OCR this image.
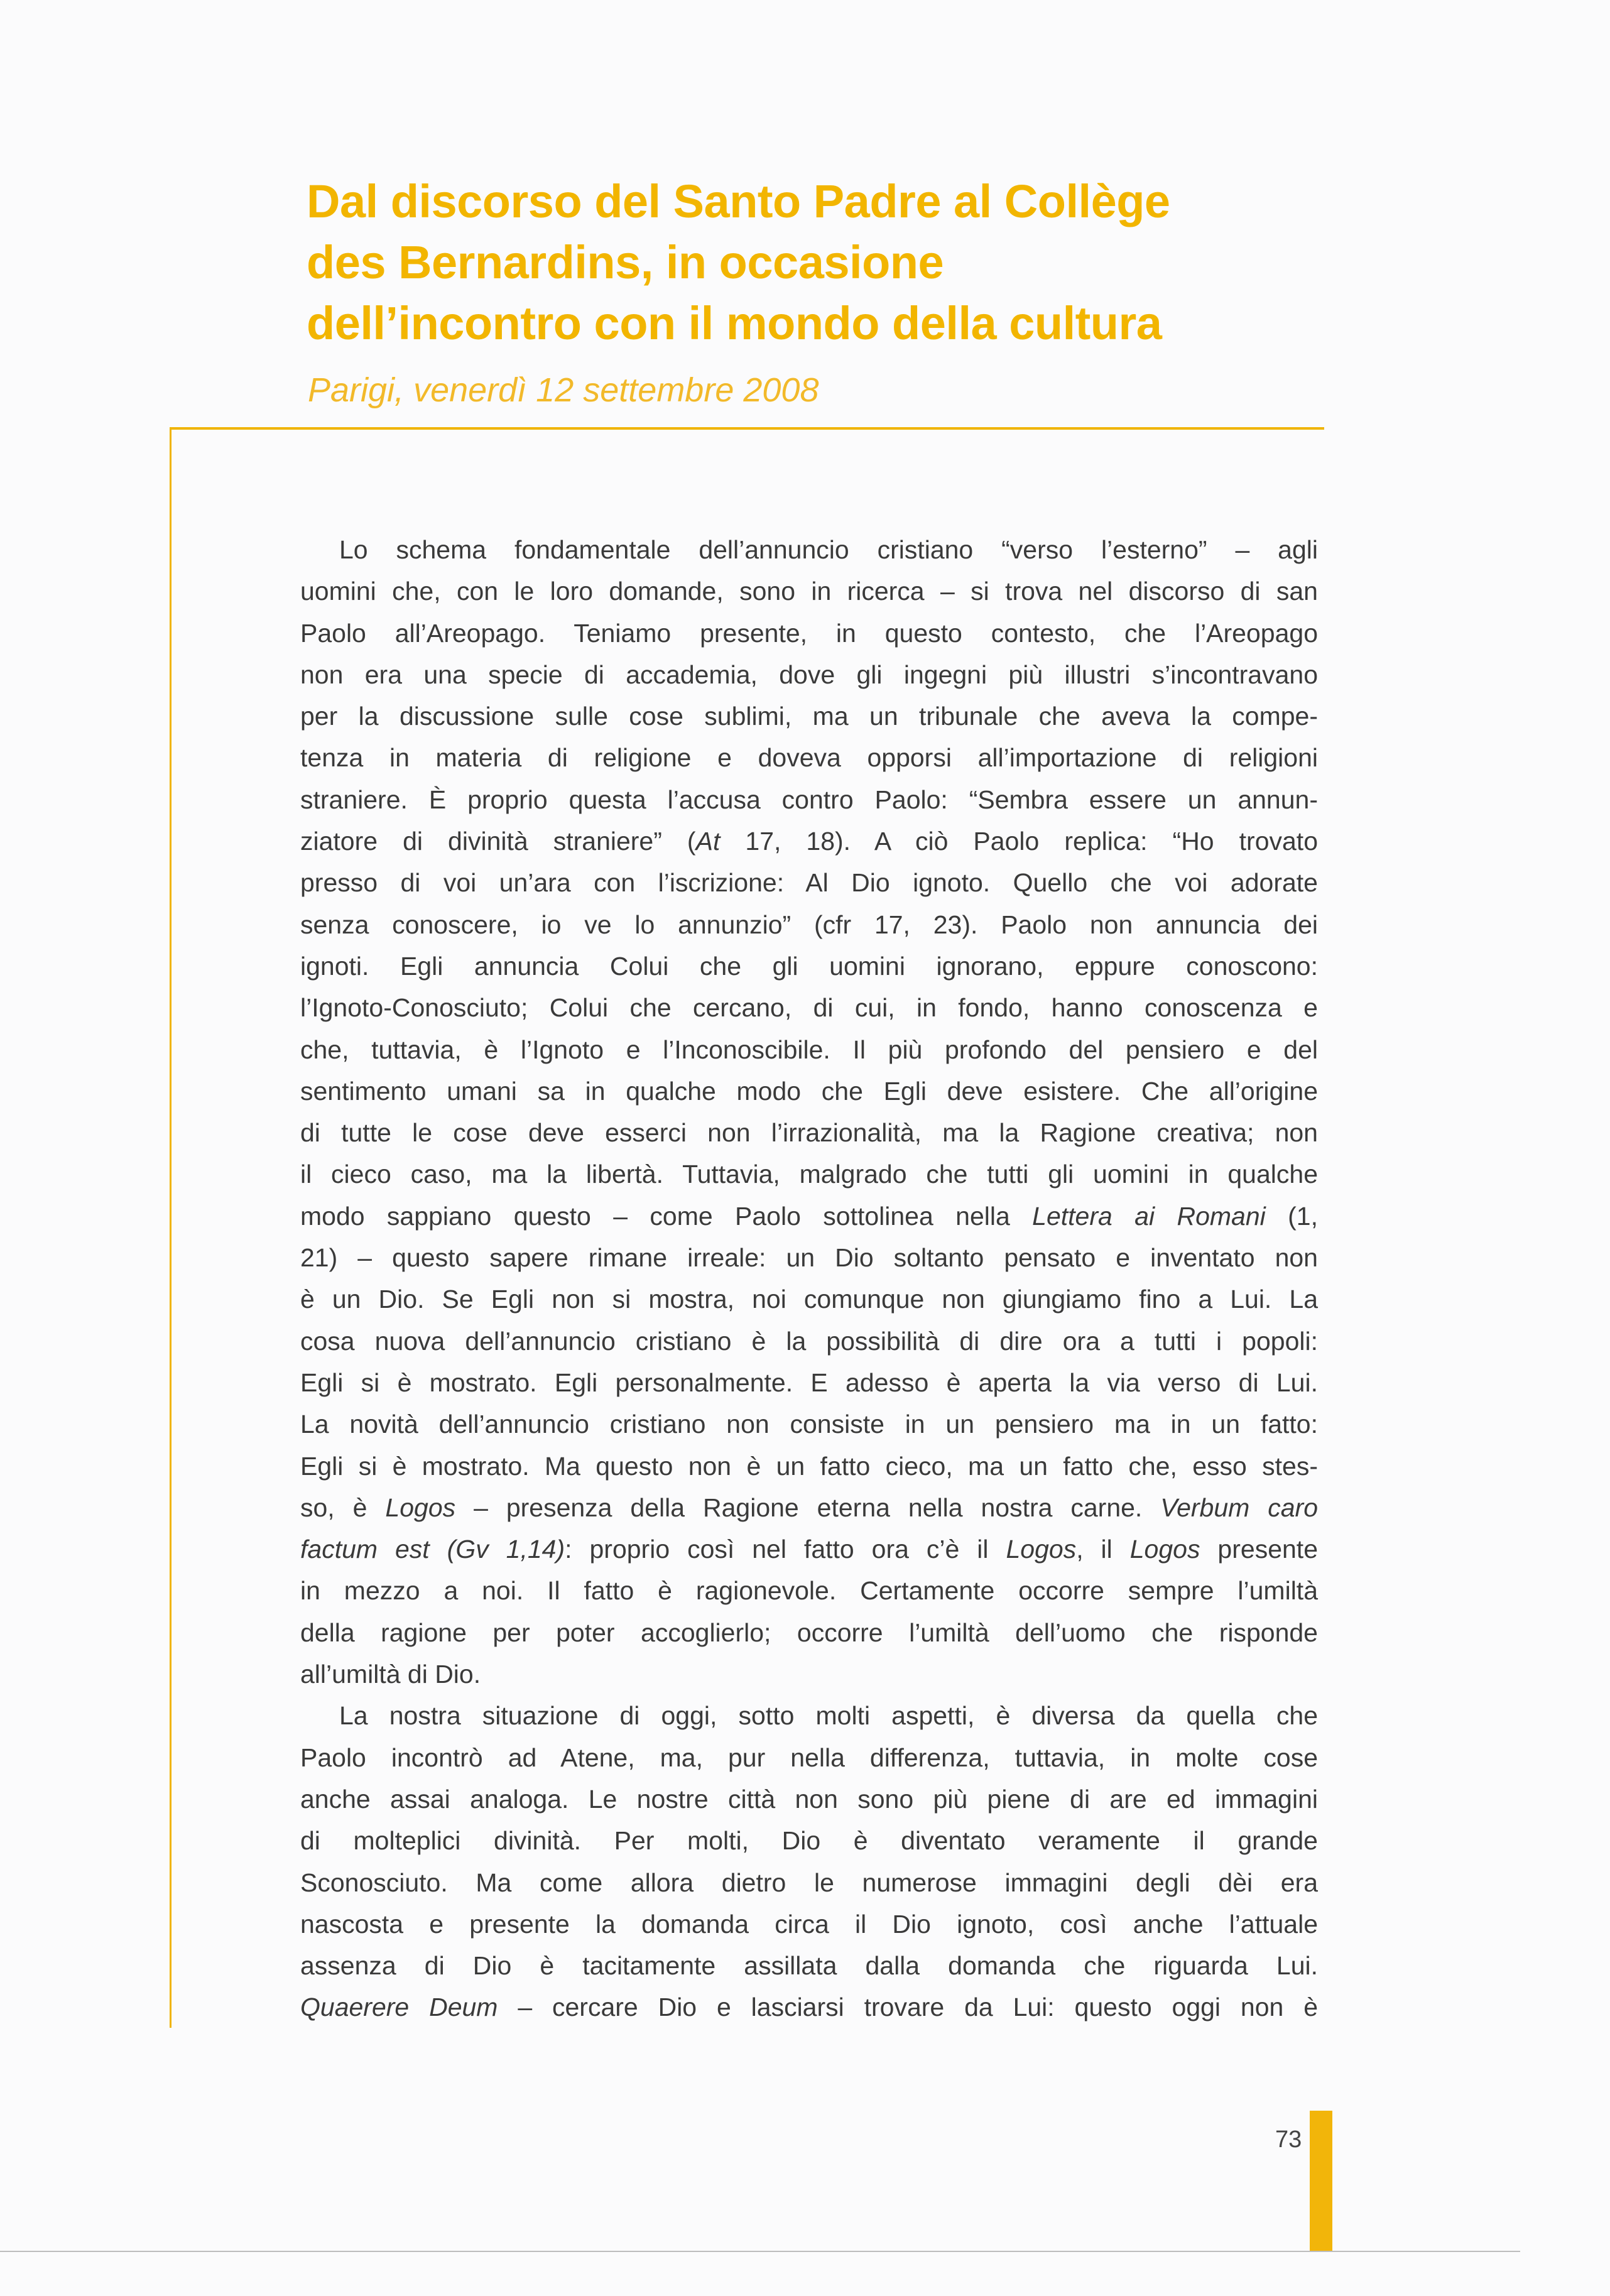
Dal discorso del Santo Padre al Collège
des Bernardins, in occasione
dell’incontro con il mondo della cultura
Parigi, venerdì 12 settembre 2008
Lo schema fondamentale dell’annuncio cristiano “verso l’esterno” – agli
uomini che, con le loro domande, sono in ricerca – si trova nel discorso di san
Paolo all’Areopago. Teniamo presente, in questo contesto, che l’Areopago
non era una specie di accademia, dove gli ingegni più illustri s’incontravano
per la discussione sulle cose sublimi, ma un tribunale che aveva la compe-
tenza in materia di religione e doveva opporsi all’importazione di religioni
straniere. È proprio questa l’accusa contro Paolo: “Sembra essere un annun-
ziatore di divinità straniere” (At 17, 18). A ciò Paolo replica: “Ho trovato
presso di voi un’ara con l’iscrizione: Al Dio ignoto. Quello che voi adorate
senza conoscere, io ve lo annunzio” (cfr 17, 23). Paolo non annuncia dei
ignoti. Egli annuncia Colui che gli uomini ignorano, eppure conoscono:
l’Ignoto-Conosciuto; Colui che cercano, di cui, in fondo, hanno conoscenza e
che, tuttavia, è l’Ignoto e l’Inconoscibile. Il più profondo del pensiero e del
sentimento umani sa in qualche modo che Egli deve esistere. Che all’origine
di tutte le cose deve esserci non l’irrazionalità, ma la Ragione creativa; non
il cieco caso, ma la libertà. Tuttavia, malgrado che tutti gli uomini in qualche
modo sappiano questo – come Paolo sottolinea nella Lettera ai Romani (1,
21) – questo sapere rimane irreale: un Dio soltanto pensato e inventato non
è un Dio. Se Egli non si mostra, noi comunque non giungiamo fino a Lui. La
cosa nuova dell’annuncio cristiano è la possibilità di dire ora a tutti i popoli:
Egli si è mostrato. Egli personalmente. E adesso è aperta la via verso di Lui.
La novità dell’annuncio cristiano non consiste in un pensiero ma in un fatto:
Egli si è mostrato. Ma questo non è un fatto cieco, ma un fatto che, esso stes-
so, è Logos – presenza della Ragione eterna nella nostra carne. Verbum caro
factum est (Gv 1,14): proprio così nel fatto ora c’è il Logos, il Logos presente
in mezzo a noi. Il fatto è ragionevole. Certamente occorre sempre l’umiltà
della ragione per poter accoglierlo; occorre l’umiltà dell’uomo che risponde
all’umiltà di Dio.
La nostra situazione di oggi, sotto molti aspetti, è diversa da quella che
Paolo incontrò ad Atene, ma, pur nella differenza, tuttavia, in molte cose
anche assai analoga. Le nostre città non sono più piene di are ed immagini
di molteplici divinità. Per molti, Dio è diventato veramente il grande
Sconosciuto. Ma come allora dietro le numerose immagini degli dèi era
nascosta e presente la domanda circa il Dio ignoto, così anche l’attuale
assenza di Dio è tacitamente assillata dalla domanda che riguarda Lui.
Quaerere Deum – cercare Dio e lasciarsi trovare da Lui: questo oggi non è
73
